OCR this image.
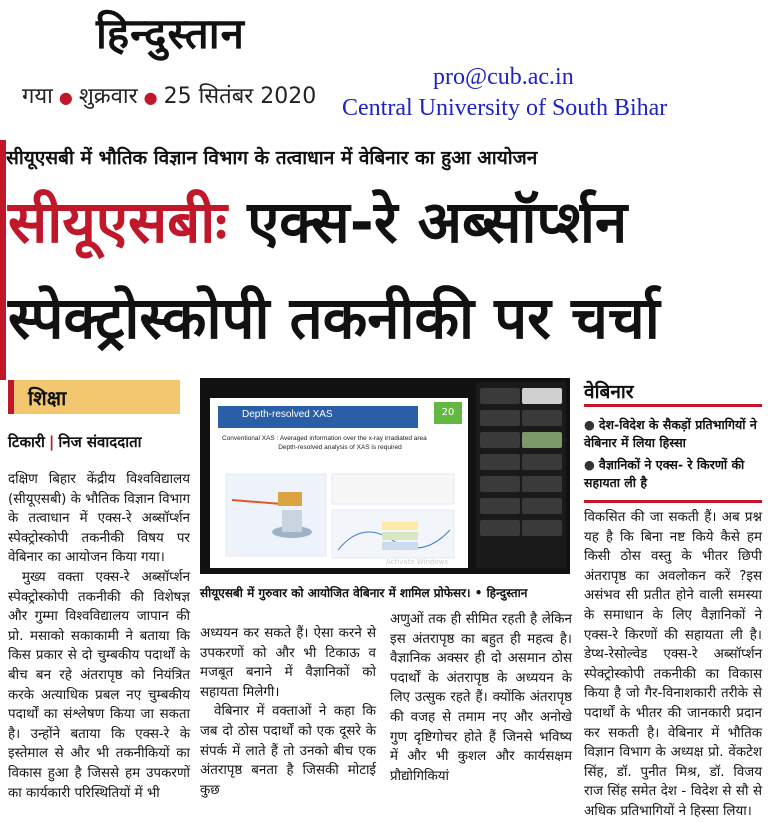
हिन्दुस्तान
गया ● शुक्रवार ● 25 सितंबर 2020
pro@cub.ac.in
Central University of South Bihar
सीयूएसबी में भौतिक विज्ञान विभाग के तत्वाधान में वेबिनार का हुआ आयोजन
सीयूएसबीः एक्स-रे अब्सॉर्प्शन
स्पेक्ट्रोस्कोपी तकनीकी पर चर्चा
शिक्षा
टिकारी | निज संवाददाता

दक्षिण बिहार केंद्रीय विश्वविद्यालय (सीयूएसबी) के भौतिक विज्ञान विभाग के तत्वाधान में एक्स-रे अब्सॉर्प्शन स्पेक्ट्रोस्कोपी तकनीकी विषय पर वेबिनार का आयोजन किया गया।

मुख्य वक्ता एक्स-रे अब्सॉर्प्शन स्पेक्ट्रोस्कोपी तकनीकी की विशेषज्ञ और गुम्मा विश्वविद्यालय जापान की प्रो. मसाको सकाकामी ने बताया कि किस प्रकार से दो चुम्बकीय पदार्थों के बीच बन रहे अंतरापृष्ठ को नियंत्रित करके अत्याधिक प्रबल नए चुम्बकीय पदार्थों का संश्लेषण किया जा सकता है। उन्होंने बताया कि एक्स-रे के इस्तेमाल से और भी तकनीकियों का विकास हुआ है जिससे हम उपकरणों का कार्यकारी परिस्थितियों में भी

Depth-resolved XAS	20
Conventional XAS : Averaged information over the x-ray irradiated area
Depth-resolved analysis of XAS is required
Activate Windows
सीयूएसबी में गुरुवार को आयोजित वेबिनार में शामिल प्रोफेसर। • हिन्दुस्तान

अध्ययन कर सकते हैं। ऐसा करने से उपकरणों को और भी टिकाऊ व मजबूत बनाने में वैज्ञानिकों को सहायता मिलेगी।

वेबिनार में वक्ताओं ने कहा कि जब दो ठोस पदार्थों को एक दूसरे के संपर्क में लाते हैं तो उनको बीच एक अंतरापृष्ठ बनता है जिसकी मोटाई कुछ

अणुओं तक ही सीमित रहती है लेकिन इस अंतरापृष्ठ का बहुत ही महत्व है। वैज्ञानिक अक्सर ही दो असमान ठोस पदार्थों के अंतरापृष्ठ के अध्ययन के लिए उत्सुक रहते हैं। क्योंकि अंतरापृष्ठ की वजह से तमाम नए और अनोखे गुण दृष्टिगोचर होते हैं जिनसे भविष्य में और भी कुशल और कार्यसक्षम प्रौद्योगिकियां

वेबिनार
● देश-विदेश के सैकड़ों प्रतिभागियों ने वेबिनार में लिया हिस्सा
● वैज्ञानिकों ने एक्स- रे किरणों की सहायता ली है

विकसित की जा सकती हैं। अब प्रश्न यह है कि बिना नष्ट किये कैसे हम किसी ठोस वस्तु के भीतर छिपी अंतरापृष्ठ का अवलोकन करें ?इस असंभव सी प्रतीत होने वाली समस्या के समाधान के लिए वैज्ञानिकों ने एक्स-रे किरणों की सहायता ली है। डेप्थ-रेसोल्वेड एक्स-रे अब्सॉर्प्शन स्पेक्ट्रोस्कोपी तकनीकी का विकास किया है जो गैर-विनाशकारी तरीके से पदार्थों के भीतर की जानकारी प्रदान कर सकती है। वेबिनार में भौतिक विज्ञान विभाग के अध्यक्ष प्रो. वेंकटेश सिंह, डॉ. पुनीत मिश्र, डॉ. विजय राज सिंह समेत देश - विदेश से सौ से अधिक प्रतिभागियों ने हिस्सा लिया।
